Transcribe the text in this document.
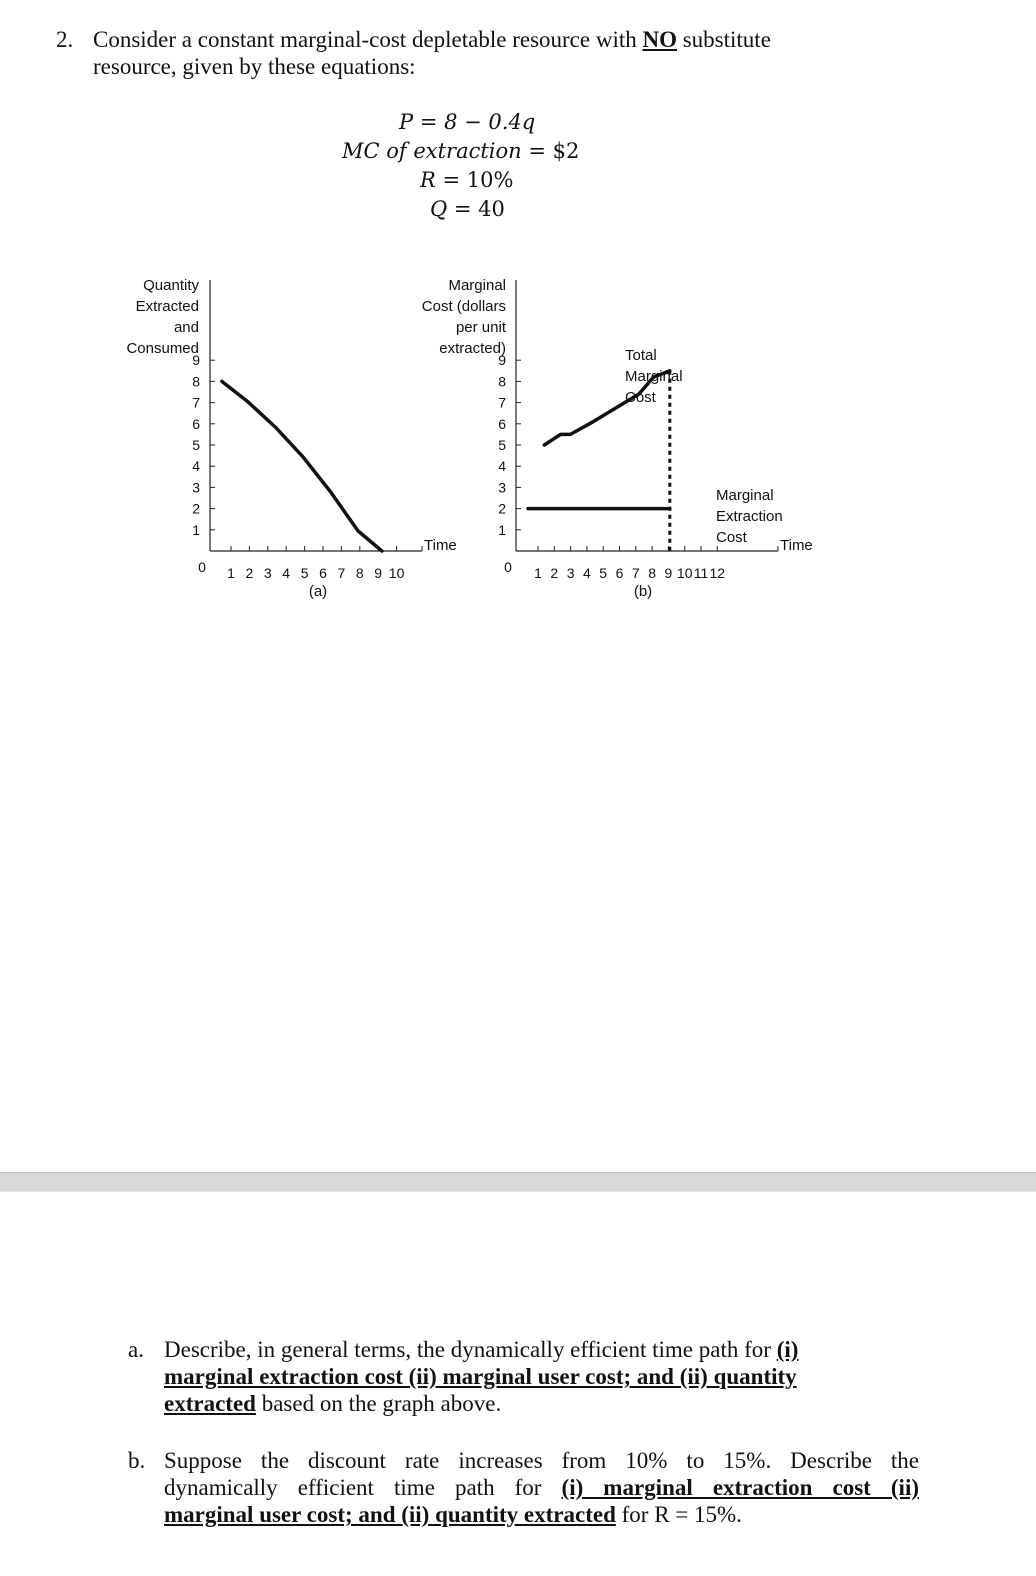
2. Consider a constant marginal-cost depletable resource with NO substitute
resource, given by these equations:
P = 8 − 0.4q
MC of extraction = $2
R = 10%
Q = 40
Quantity
Extracted
and
Consumed
1
2
3
4
5
6
7
8
9
1 2 3 4 5 6 7 8 9 10
0
Time
(a)
Marginal
Cost (dollars
per unit
extracted)
1
2
3
4
5
6
7
8
9
1 2 3 4 5 6 7 8 9 10 11 12
0
Time
(b)
Total
Marginal
Cost
Marginal
Extraction
Cost
a. Describe, in general terms, the dynamically efficient time path for (i)
marginal extraction cost (ii) marginal user cost; and (ii) quantity
extracted based on the graph above.
b. Suppose the discount rate increases from 10% to 15%. Describe the
dynamically efficient time path for (i) marginal extraction cost (ii)
marginal user cost; and (ii) quantity extracted for R = 15%.
